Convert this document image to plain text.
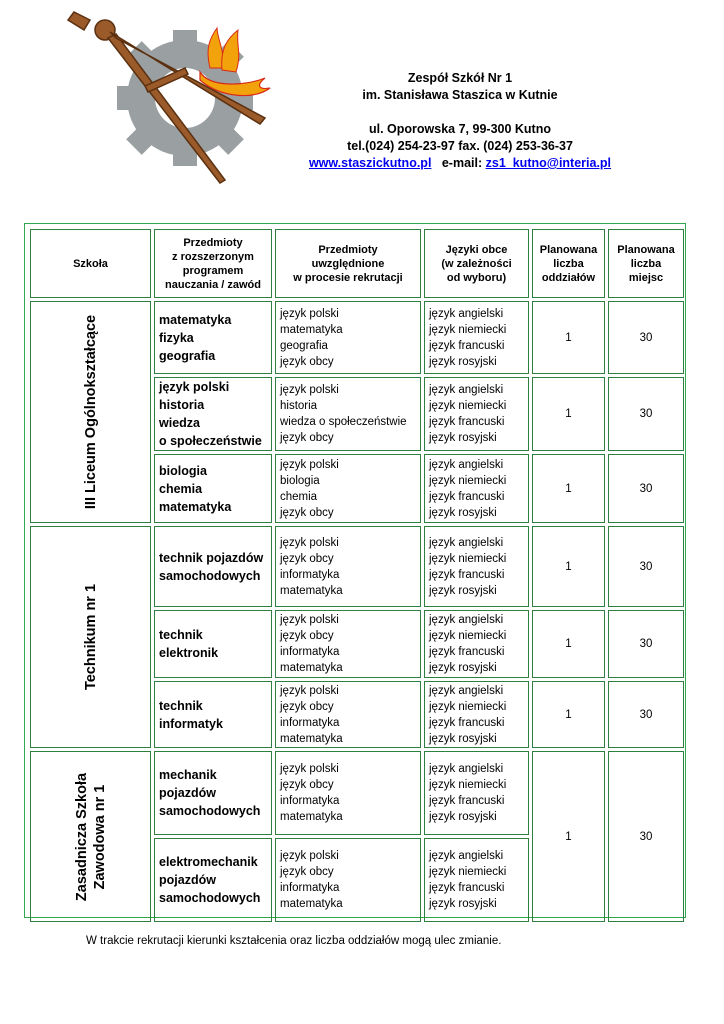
Zespół Szkół Nr 1
im. Stanisława Staszica w Kutnie
ul. Oporowska 7, 99-300 Kutno
tel.(024) 254-23-97 fax. (024) 253-36-37
www.staszickutno.pl e-mail: zs1_kutno@interia.pl
Szkoła	Przedmioty
z rozszerzonym
programem
nauczania / zawód	Przedmioty
uwzględnione
w procesie rekrutacji	Języki obce
(w zależności
od wyboru)	Planowana
liczba
oddziałów	Planowana
liczba
miejsc

III Liceum Ogólnokształcące	matematyka
fizyka
geografia	język polski
matematyka
geografia
język obcy	język angielski
język niemiecki
język francuski
język rosyjski	1	30

	język polski
historia
wiedza
o społeczeństwie	język polski
historia
wiedza o społeczeństwie
język obcy	język angielski
język niemiecki
język francuski
język rosyjski	1	30

	biologia
chemia
matematyka	język polski
biologia
chemia
język obcy	język angielski
język niemiecki
język francuski
język rosyjski	1	30

Technikum nr 1	technik pojazdów
samochodowych	język polski
język obcy
informatyka
matematyka	język angielski
język niemiecki
język francuski
język rosyjski	1	30

	technik
elektronik	język polski
język obcy
informatyka
matematyka	język angielski
język niemiecki
język francuski
język rosyjski	1	30

	technik
informatyk	język polski
język obcy
informatyka
matematyka	język angielski
język niemiecki
język francuski
język rosyjski	1	30

Zasadnicza Szkoła Zawodowa nr 1	mechanik
pojazdów
samochodowych	język polski
język obcy
informatyka
matematyka	język angielski
język niemiecki
język francuski
język rosyjski	1	30

	elektromechanik
pojazdów
samochodowych	język polski
język obcy
informatyka
matematyka	język angielski
język niemiecki
język francuski
język rosyjski		
W trakcie rekrutacji kierunki kształcenia oraz liczba oddziałów mogą ulec zmianie.
